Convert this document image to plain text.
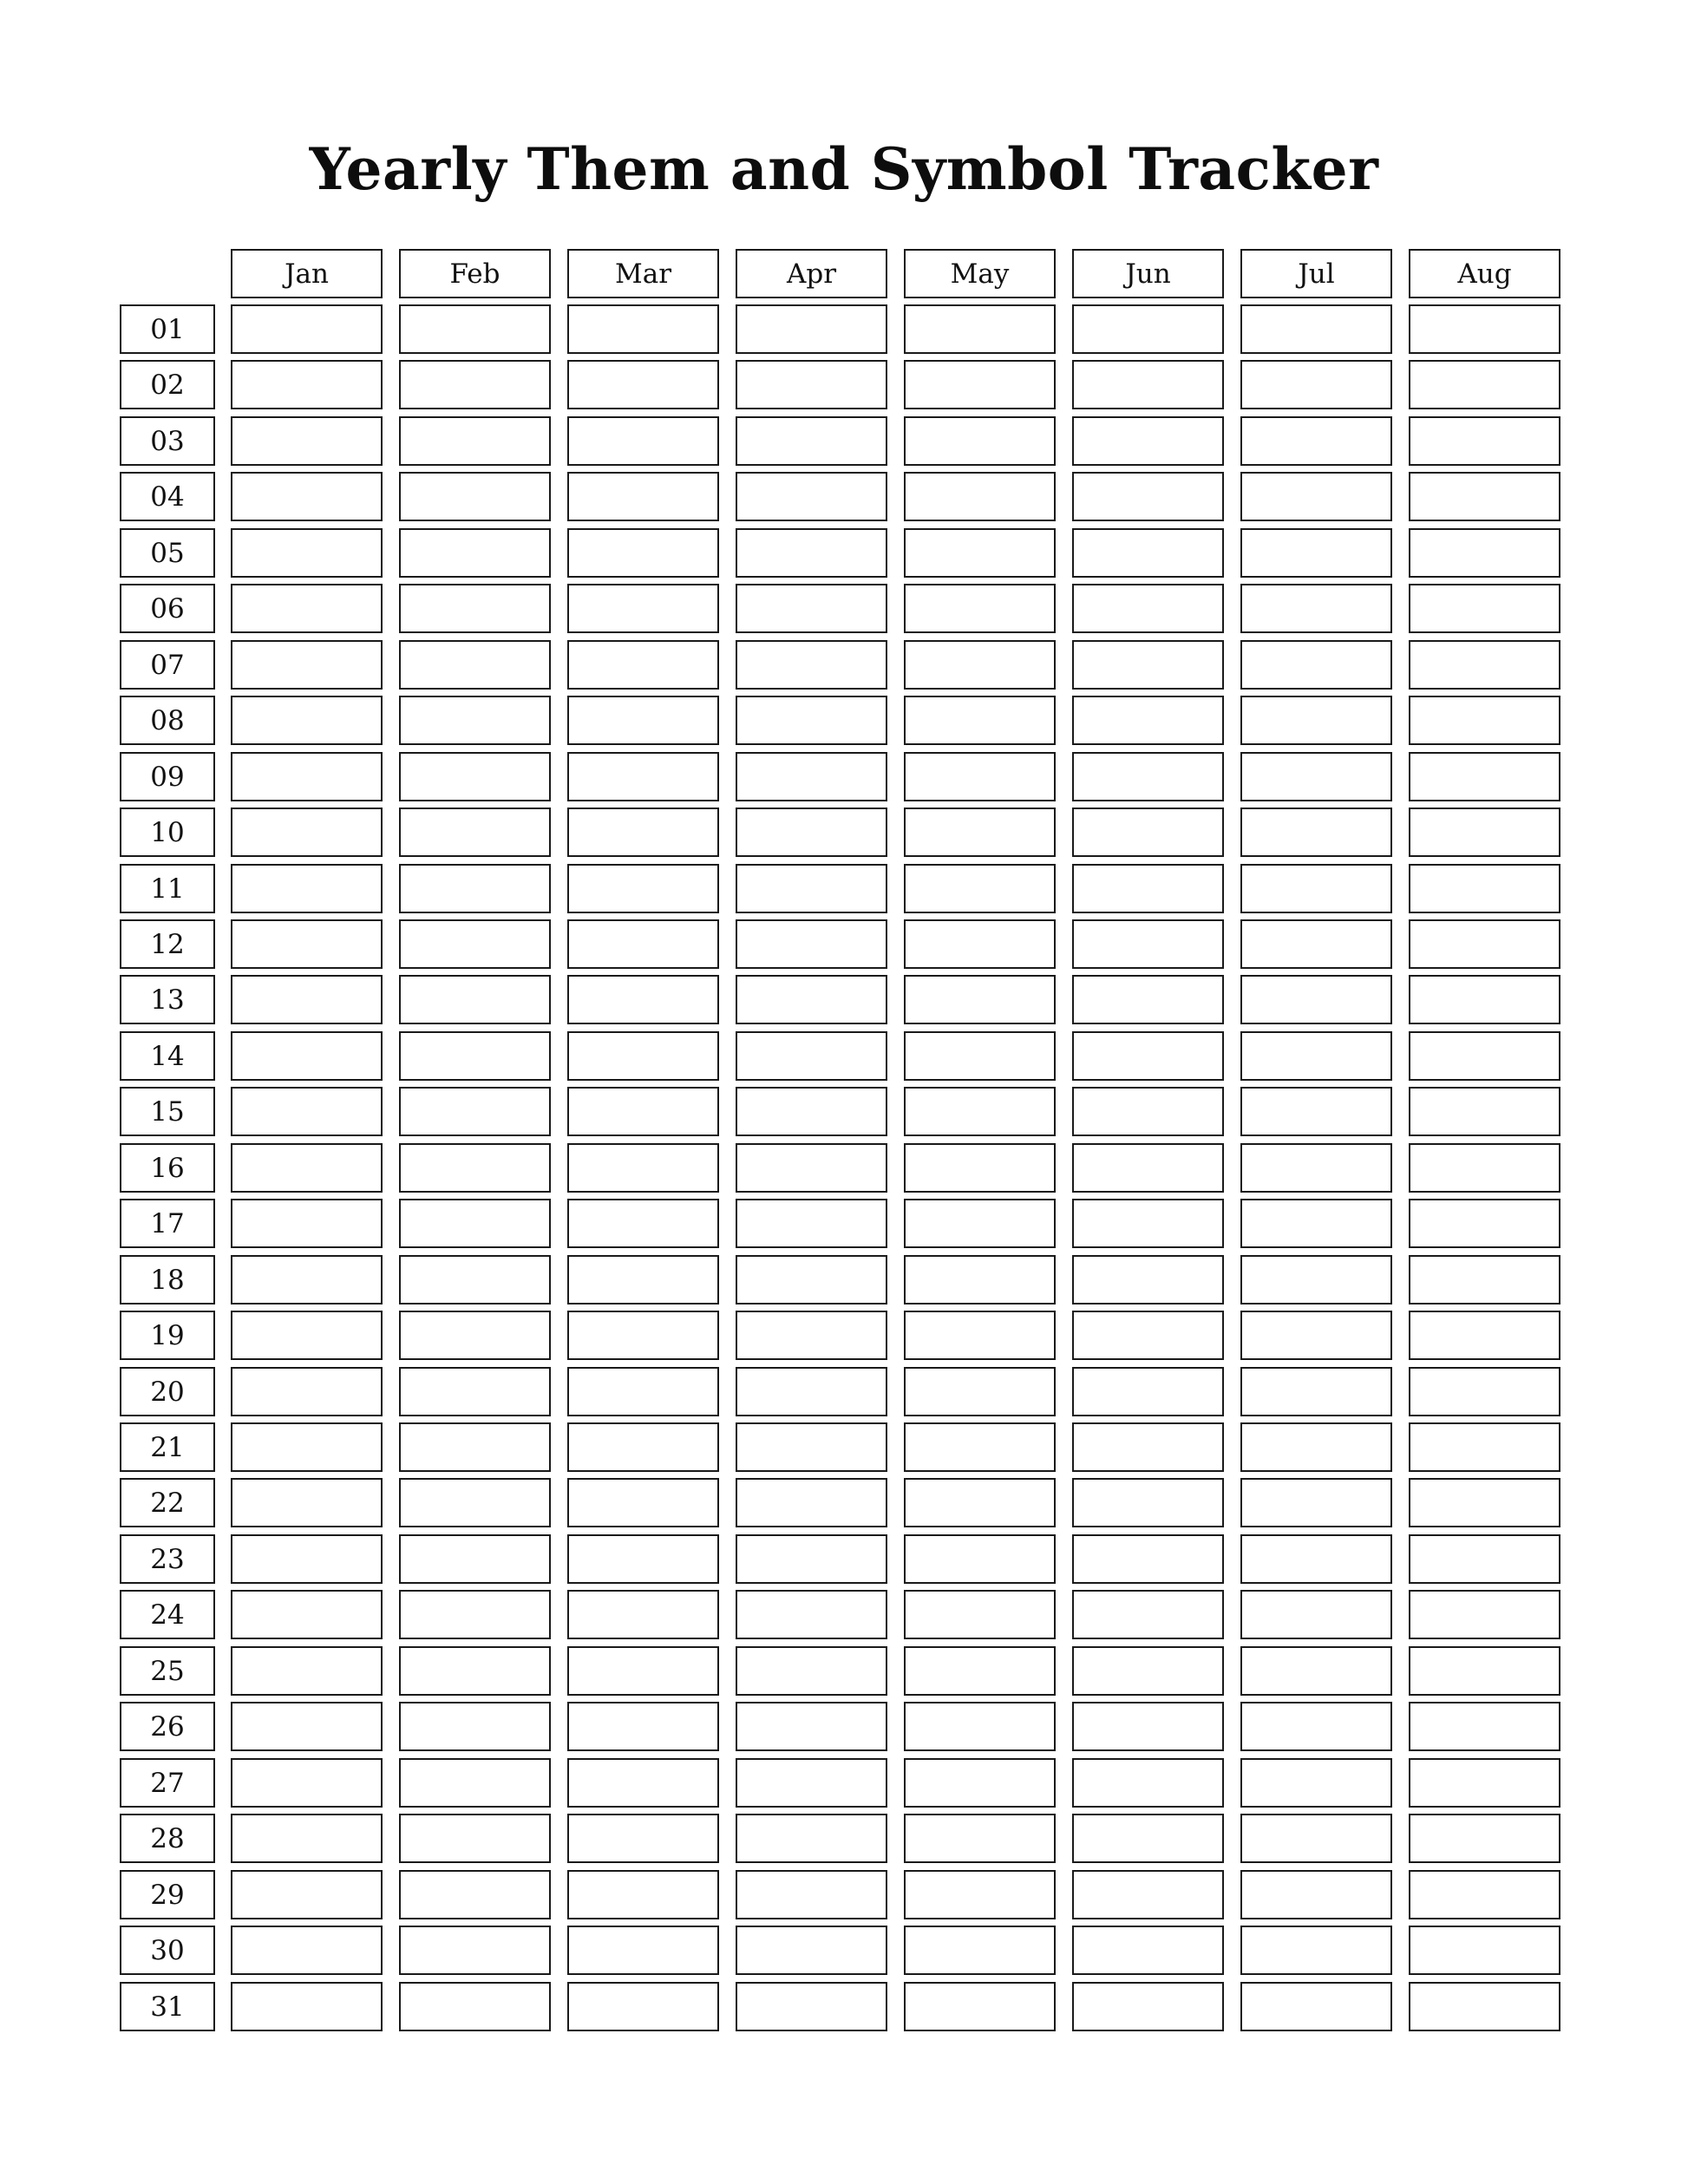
Yearly Them and Symbol Tracker
Jan	Feb	Mar	Apr	May	Jun	Jul	Aug
01
02
03
04
05
06
07
08
09
10
11
12
13
14
15
16
17
18
19
20
21
22
23
24
25
26
27
28
29
30
31
